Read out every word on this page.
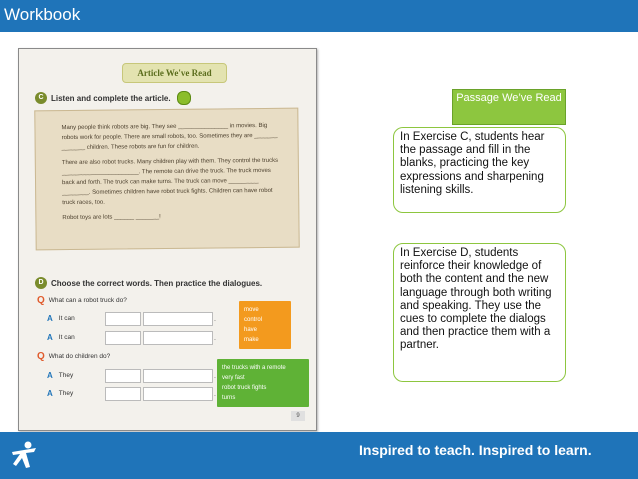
Workbook
Article We've Read
C Listen and complete the article.

Many people think robots are big. They see _______________ in movies. Big robots work for people. There are small robots, too. Sometimes they are _______ _______ children. These robots are fun for children.

There are also robot trucks. Many children play with them. They control the trucks _______________________. The remote can drive the truck. The truck moves back and forth. The truck can make turns. The truck can move _________ ________. Sometimes children have robot truck fights. Children can have robot truck races, too.

Robot toys are lots ______ _______!

D Choose the correct words. Then practice the dialogues.
Q What can a robot truck do?
A It can	.
A It can	.
Q What do children do?
A They	.
A They	.
move
control
have
make
the trucks with a remote
very fast
robot truck fights
turns
9
Passage We’ve Read
In Exercise C, students hear the passage and fill in the blanks, practicing the key expressions and sharpening listening skills.
In Exercise D, students reinforce their knowledge of both the content and the new language through both writing and speaking. They use the cues to complete the dialogs and then practice them with a partner.
Inspired to teach. Inspired to learn.
